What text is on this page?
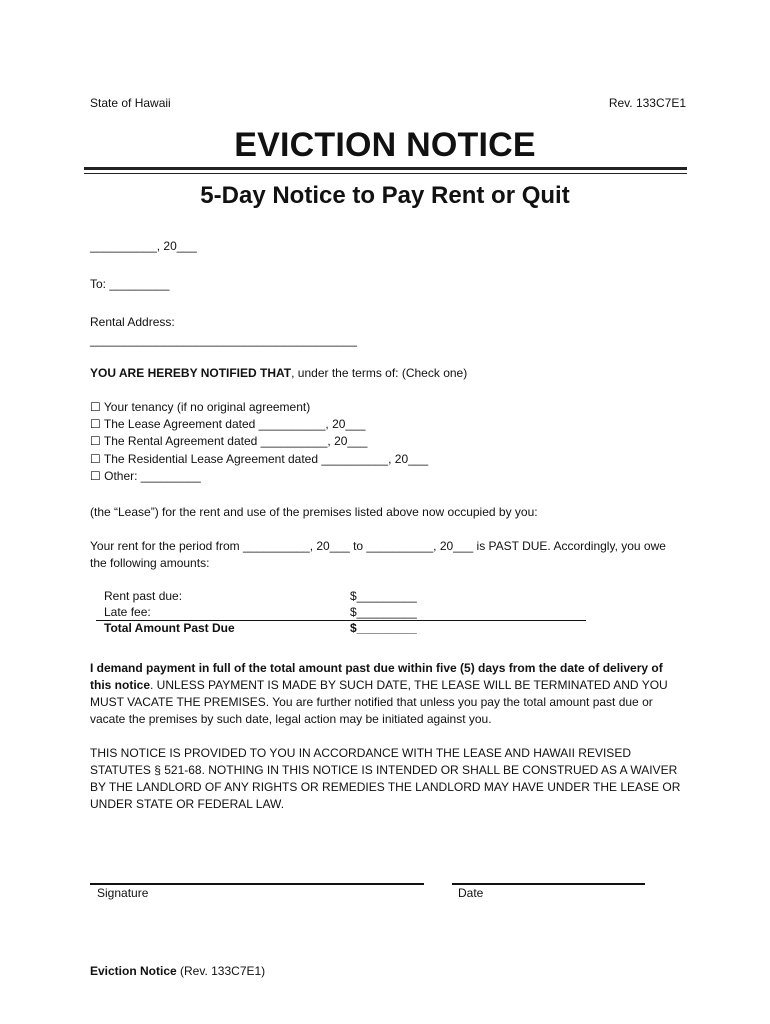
State of Hawaii	Rev. 133C7E1
EVICTION NOTICE
5-Day Notice to Pay Rent or Quit
__________, 20___
To: _________
Rental Address:
________________________________________
YOU ARE HEREBY NOTIFIED THAT, under the terms of: (Check one)
☐ Your tenancy (if no original agreement)
☐ The Lease Agreement dated __________, 20___
☐ The Rental Agreement dated __________, 20___
☐ The Residential Lease Agreement dated __________, 20___
☐ Other: _________
(the “Lease”) for the rent and use of the premises listed above now occupied by you:
Your rent for the period from __________, 20___ to __________, 20___ is PAST DUE. Accordingly, you owe the following amounts:
Rent past due:	$_________
Late fee:	$_________
Total Amount Past Due	$_________
I demand payment in full of the total amount past due within five (5) days from the date of delivery of this notice. UNLESS PAYMENT IS MADE BY SUCH DATE, THE LEASE WILL BE TERMINATED AND YOU MUST VACATE THE PREMISES. You are further notified that unless you pay the total amount past due or vacate the premises by such date, legal action may be initiated against you.
THIS NOTICE IS PROVIDED TO YOU IN ACCORDANCE WITH THE LEASE AND HAWAII REVISED STATUTES § 521-68. NOTHING IN THIS NOTICE IS INTENDED OR SHALL BE CONSTRUED AS A WAIVER BY THE LANDLORD OF ANY RIGHTS OR REMEDIES THE LANDLORD MAY HAVE UNDER THE LEASE OR UNDER STATE OR FEDERAL LAW.
Signature	Date
Eviction Notice (Rev. 133C7E1)
